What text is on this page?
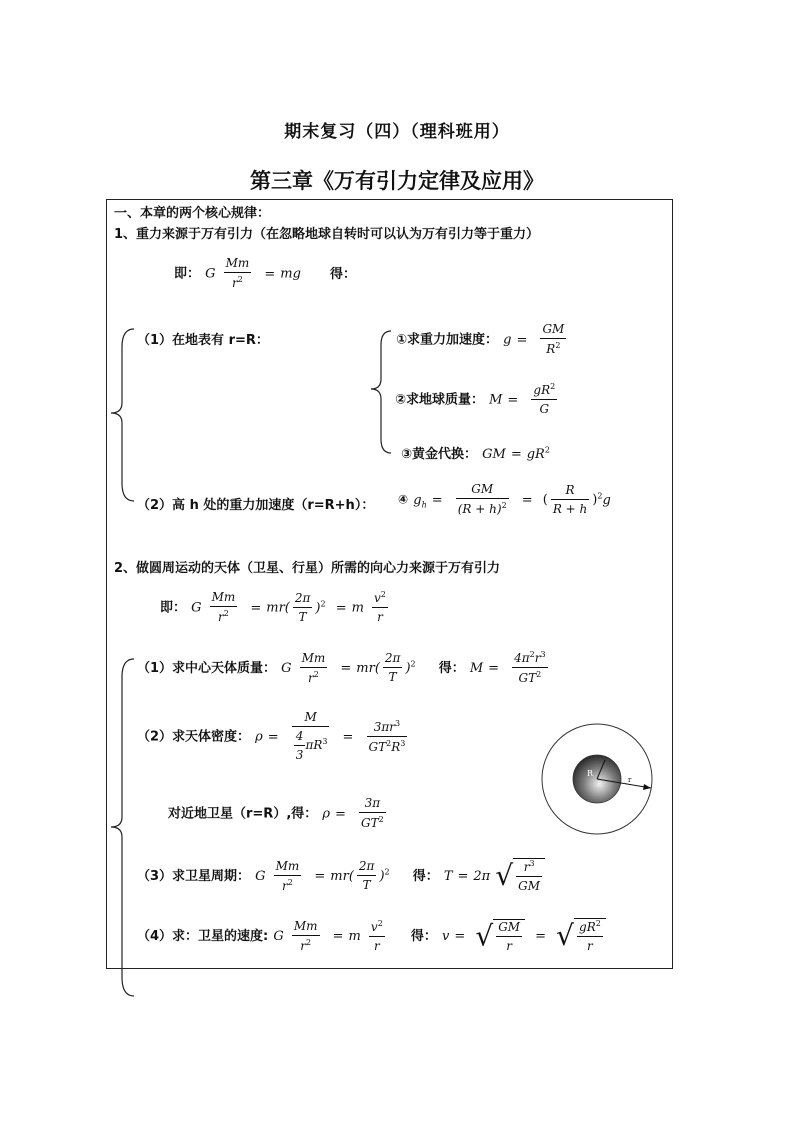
期末复习（四）（理科班用）
第三章《万有引力定律及应用》
一、本章的两个核心规律：
1、重力来源于万有引力（在忽略地球自转时可以认为万有引力等于重力）
即： G $\frac{Mm}{r^2}$ = mg 得：
（1）在地表有 r=R：	①求重力加速度： $g = \frac{GM}{R^2}$
②求地球质量： $M = \frac{gR^2}{G}$
③黄金代换： GM = $gR^2$
（2）高 h 处的重力加速度（r=R+h）： ④ $g_h = \frac{GM}{(R + h)^2}$ = ( $\frac{R}{R + h} )^2g$
2、做圆周运动的天体（卫星、行星）所需的向心力来源于万有引力
即： G $\frac{Mm}{r^2} = mr( \frac{2\pi}{T} )^2 = m \frac{v^2}{r}$
（1）求中心天体质量： G $\frac{Mm}{r^2} = mr( \frac{2\pi}{T} )^2$ 得： $M = \frac{4\pi^2r^3}{GT^2}$
（2）求天体密度： $\rho = \frac{M}{\frac{4}{3} \pi R^3} = \frac{3\pi r^3}{GT^2R^3}$
对近地卫星（r=R）,得： $\rho = \frac{3\pi}{GT^2}$
（3）求卫星周期： G $\frac{Mm}{r^2} = mr( \frac{2\pi}{T} )^2$ 得： T = 2π √ $\frac{r^3}{GM}$
（4）求：卫星的速度: G $\frac{Mm}{r^2} = m \frac{v^2}{r}$ 得： v = √ $\frac{GM}{r}$ = √ $\frac{gR^2}{r}$
R
r
